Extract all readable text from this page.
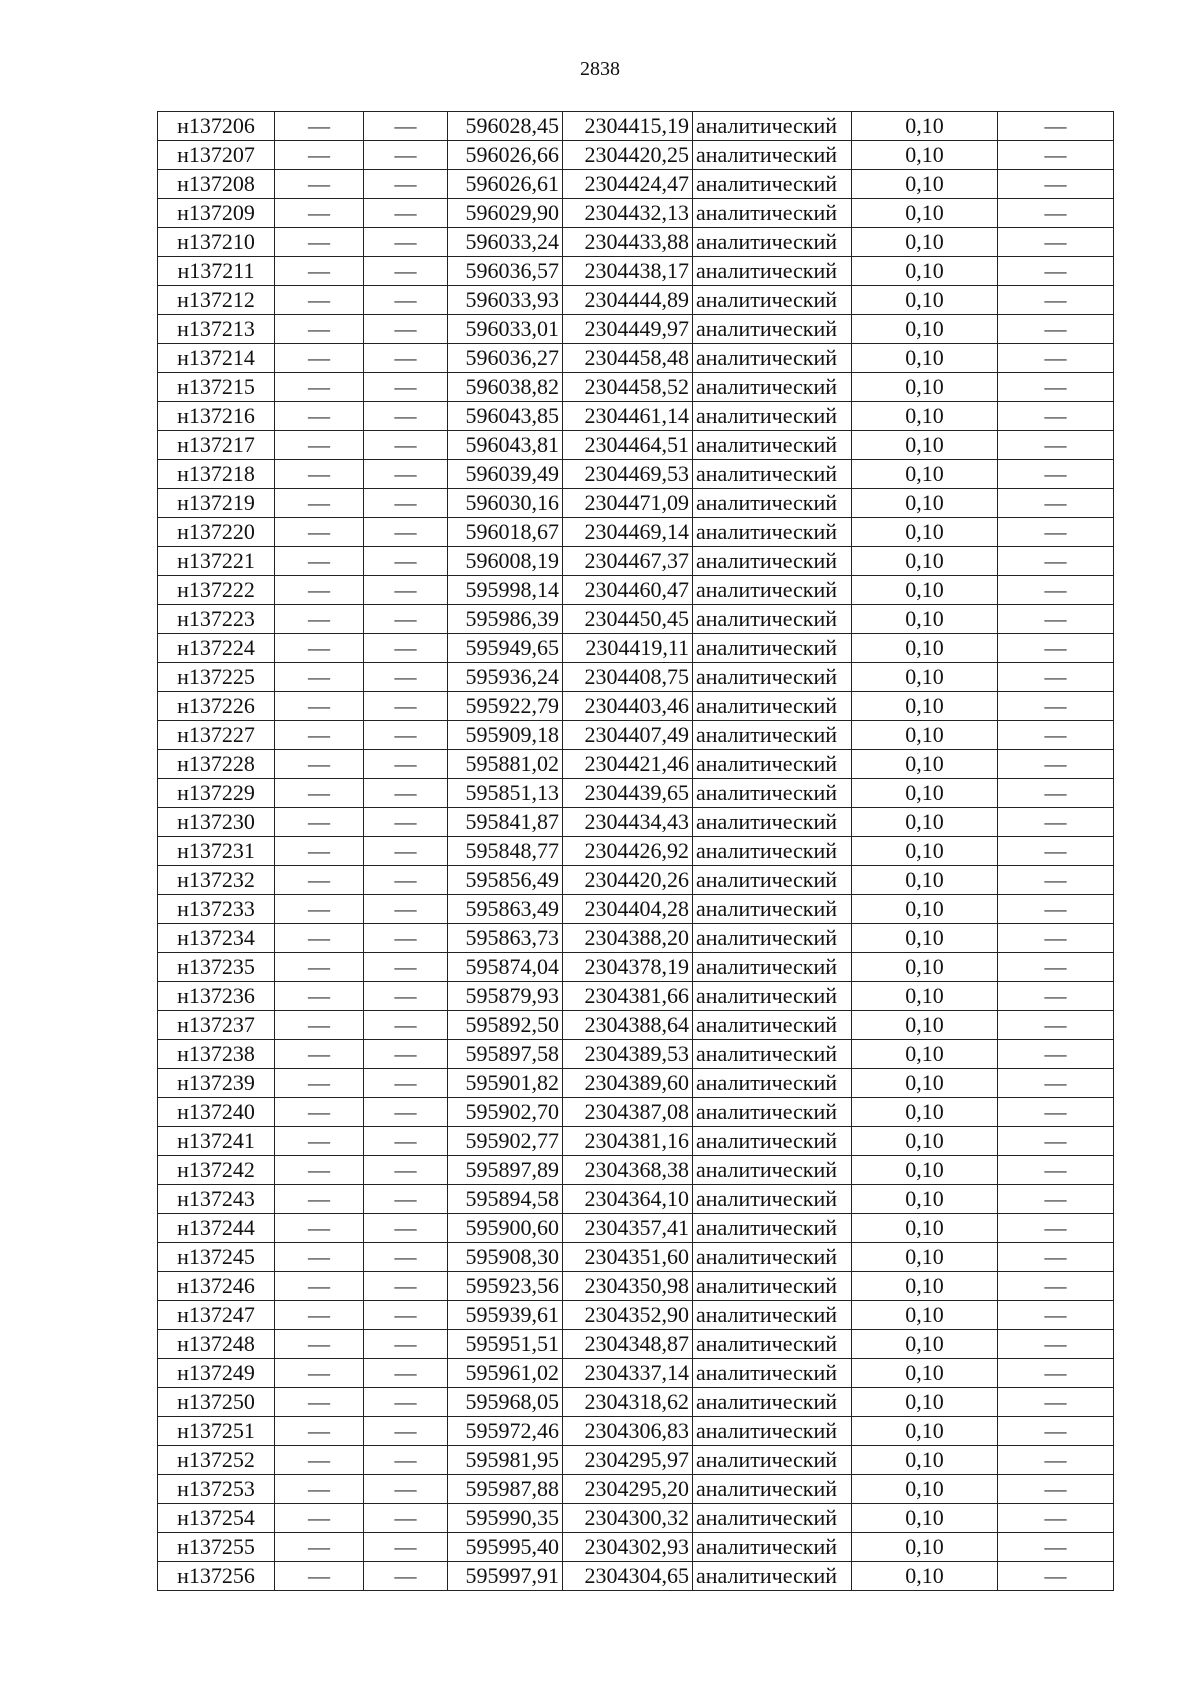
2838
н137206	—	—	596028,45	2304415,19	аналитический	0,10	—
н137207	—	—	596026,66	2304420,25	аналитический	0,10	—
н137208	—	—	596026,61	2304424,47	аналитический	0,10	—
н137209	—	—	596029,90	2304432,13	аналитический	0,10	—
н137210	—	—	596033,24	2304433,88	аналитический	0,10	—
н137211	—	—	596036,57	2304438,17	аналитический	0,10	—
н137212	—	—	596033,93	2304444,89	аналитический	0,10	—
н137213	—	—	596033,01	2304449,97	аналитический	0,10	—
н137214	—	—	596036,27	2304458,48	аналитический	0,10	—
н137215	—	—	596038,82	2304458,52	аналитический	0,10	—
н137216	—	—	596043,85	2304461,14	аналитический	0,10	—
н137217	—	—	596043,81	2304464,51	аналитический	0,10	—
н137218	—	—	596039,49	2304469,53	аналитический	0,10	—
н137219	—	—	596030,16	2304471,09	аналитический	0,10	—
н137220	—	—	596018,67	2304469,14	аналитический	0,10	—
н137221	—	—	596008,19	2304467,37	аналитический	0,10	—
н137222	—	—	595998,14	2304460,47	аналитический	0,10	—
н137223	—	—	595986,39	2304450,45	аналитический	0,10	—
н137224	—	—	595949,65	2304419,11	аналитический	0,10	—
н137225	—	—	595936,24	2304408,75	аналитический	0,10	—
н137226	—	—	595922,79	2304403,46	аналитический	0,10	—
н137227	—	—	595909,18	2304407,49	аналитический	0,10	—
н137228	—	—	595881,02	2304421,46	аналитический	0,10	—
н137229	—	—	595851,13	2304439,65	аналитический	0,10	—
н137230	—	—	595841,87	2304434,43	аналитический	0,10	—
н137231	—	—	595848,77	2304426,92	аналитический	0,10	—
н137232	—	—	595856,49	2304420,26	аналитический	0,10	—
н137233	—	—	595863,49	2304404,28	аналитический	0,10	—
н137234	—	—	595863,73	2304388,20	аналитический	0,10	—
н137235	—	—	595874,04	2304378,19	аналитический	0,10	—
н137236	—	—	595879,93	2304381,66	аналитический	0,10	—
н137237	—	—	595892,50	2304388,64	аналитический	0,10	—
н137238	—	—	595897,58	2304389,53	аналитический	0,10	—
н137239	—	—	595901,82	2304389,60	аналитический	0,10	—
н137240	—	—	595902,70	2304387,08	аналитический	0,10	—
н137241	—	—	595902,77	2304381,16	аналитический	0,10	—
н137242	—	—	595897,89	2304368,38	аналитический	0,10	—
н137243	—	—	595894,58	2304364,10	аналитический	0,10	—
н137244	—	—	595900,60	2304357,41	аналитический	0,10	—
н137245	—	—	595908,30	2304351,60	аналитический	0,10	—
н137246	—	—	595923,56	2304350,98	аналитический	0,10	—
н137247	—	—	595939,61	2304352,90	аналитический	0,10	—
н137248	—	—	595951,51	2304348,87	аналитический	0,10	—
н137249	—	—	595961,02	2304337,14	аналитический	0,10	—
н137250	—	—	595968,05	2304318,62	аналитический	0,10	—
н137251	—	—	595972,46	2304306,83	аналитический	0,10	—
н137252	—	—	595981,95	2304295,97	аналитический	0,10	—
н137253	—	—	595987,88	2304295,20	аналитический	0,10	—
н137254	—	—	595990,35	2304300,32	аналитический	0,10	—
н137255	—	—	595995,40	2304302,93	аналитический	0,10	—
н137256	—	—	595997,91	2304304,65	аналитический	0,10	—
